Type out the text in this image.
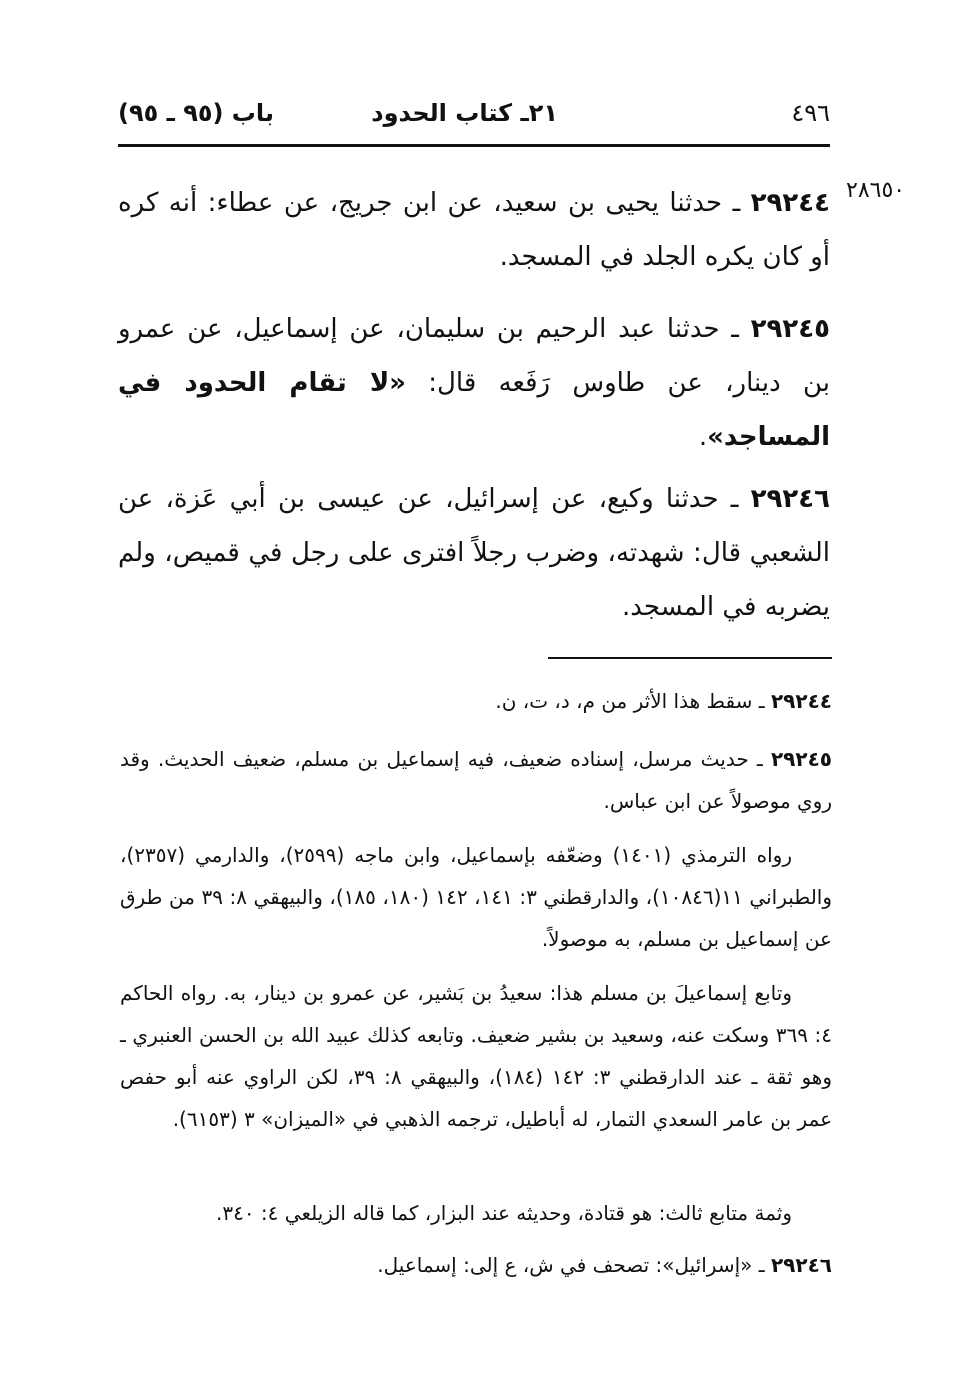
٤٩٦
٢١ـ كتاب الحدود
باب (٩٥ ـ ٩٥)
٢٨٦٥٠

٢٩٢٤٤ ـ حدثنا يحيى بن سعيد، عن ابن جريج، عن عطاء: أنه كره أو كان يكره الجلد في المسجد.

٢٩٢٤٥ ـ حدثنا عبد الرحيم بن سليمان، عن إسماعيل، عن عمرو بن دينار، عن طاوس رَفَعه قال: «لا تقام الحدود في المساجد».

٢٩٢٤٦ ـ حدثنا وكيع، عن إسرائيل، عن عيسى بن أبي عَزة، عن الشعبي قال: شهدته، وضرب رجلاً افترى على رجل في قميص، ولم يضربه في المسجد.

٢٩٢٤٤ ـ سقط هذا الأثر من م، د، ت، ن.

٢٩٢٤٥ ـ حديث مرسل، إسناده ضعيف، فيه إسماعيل بن مسلم، ضعيف الحديث. وقد روي موصولاً عن ابن عباس.

رواه الترمذي (١٤٠١) وضعّفه بإسماعيل، وابن ماجه (٢٥٩٩)، والدارمي (٢٣٥٧)، والطبراني ١١(١٠٨٤٦)، والدارقطني ٣: ١٤١، ١٤٢ (١٨٠، ١٨٥)، والبيهقي ٨: ٣٩ من طرق عن إسماعيل بن مسلم، به موصولاً.

وتابع إسماعيلَ بن مسلم هذا: سعيدُ بن بَشير، عن عمرو بن دينار، به. رواه الحاكم ٤: ٣٦٩ وسكت عنه، وسعيد بن بشير ضعيف. وتابعه كذلك عبيد الله بن الحسن العنبري ـ وهو ثقة ـ عند الدارقطني ٣: ١٤٢ (١٨٤)، والبيهقي ٨: ٣٩، لكن الراوي عنه أبو حفص عمر بن عامر السعدي التمار، له أباطيل، ترجمه الذهبي في «الميزان» ٣ (٦١٥٣).

وثمة متابع ثالث: هو قتادة، وحديثه عند البزار، كما قاله الزيلعي ٤: ٣٤٠.

٢٩٢٤٦ ـ «إسرائيل»: تصحف في ش، ع إلى: إسماعيل.
